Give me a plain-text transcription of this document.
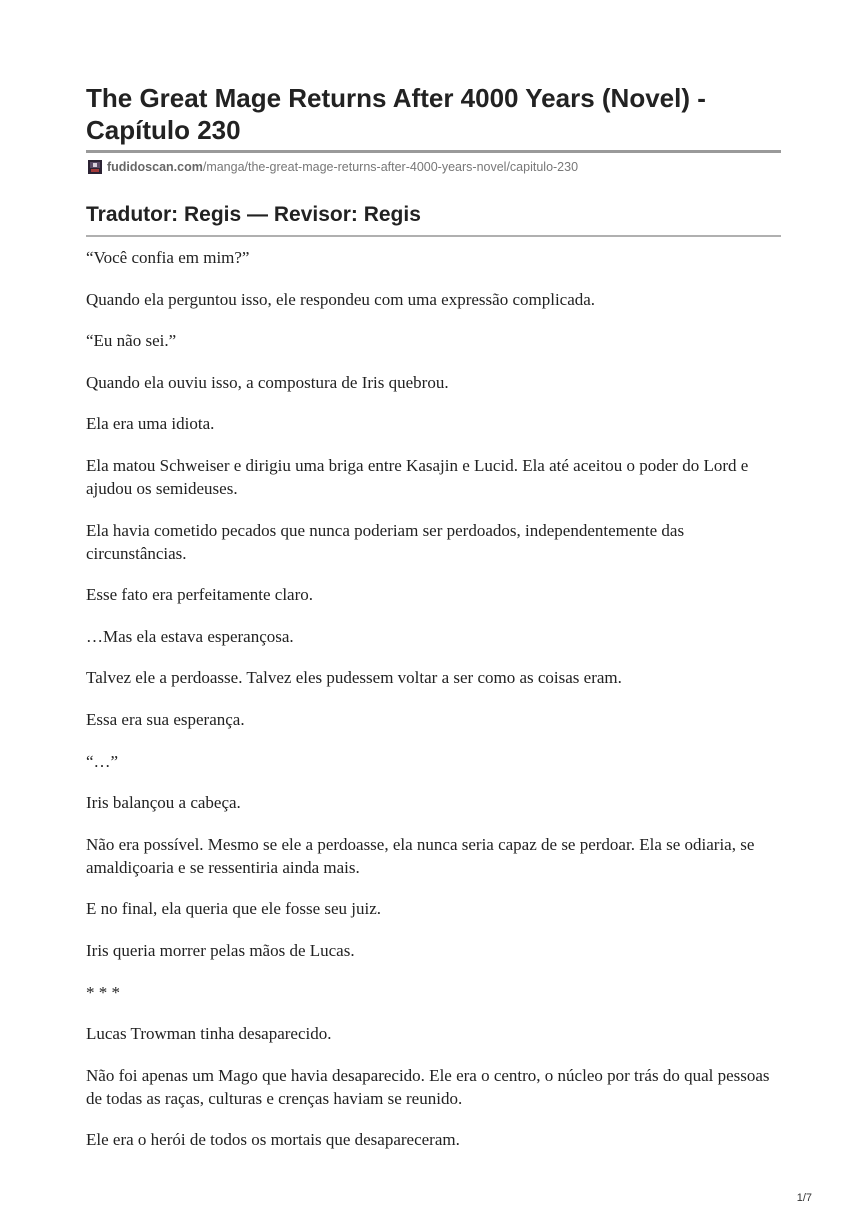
The Great Mage Returns After 4000 Years (Novel) - Capítulo 230
fudidoscan.com /manga/the-great-mage-returns-after-4000-years-novel/capitulo-230
Tradutor: Regis — Revisor: Regis

“Você confia em mim?”

Quando ela perguntou isso, ele respondeu com uma expressão complicada.

“Eu não sei.”

Quando ela ouviu isso, a compostura de Iris quebrou.

Ela era uma idiota.

Ela matou Schweiser e dirigiu uma briga entre Kasajin e Lucid. Ela até aceitou o poder do Lord e ajudou os semideuses.

Ela havia cometido pecados que nunca poderiam ser perdoados, independentemente das circunstâncias.

Esse fato era perfeitamente claro.

…Mas ela estava esperançosa.

Talvez ele a perdoasse. Talvez eles pudessem voltar a ser como as coisas eram.

Essa era sua esperança.

“…”

Iris balançou a cabeça.

Não era possível. Mesmo se ele a perdoasse, ela nunca seria capaz de se perdoar. Ela se odiaria, se amaldiçoaria e se ressentiria ainda mais.

E no final, ela queria que ele fosse seu juiz.

Iris queria morrer pelas mãos de Lucas.

* * *

Lucas Trowman tinha desaparecido.

Não foi apenas um Mago que havia desaparecido. Ele era o centro, o núcleo por trás do qual pessoas de todas as raças, culturas e crenças haviam se reunido.

Ele era o herói de todos os mortais que desapareceram.

1/7
